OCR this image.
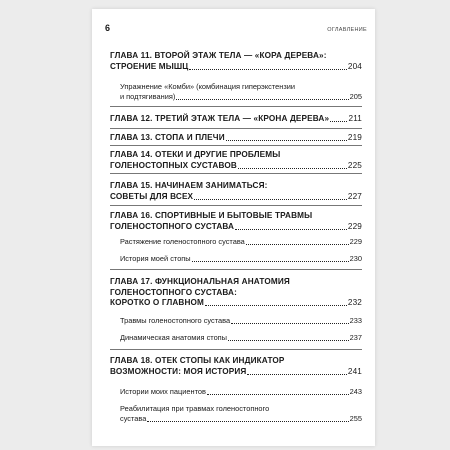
6	ОГЛАВЛЕНИЕ
ГЛАВА 11. ВТОРОЙ ЭТАЖ ТЕЛА — «КОРА ДЕРЕВА»:
СТРОЕНИЕ МЫШЦ	204
Упражнение «Комби» (комбинация гиперэкстензии
и подтягивания)	205
ГЛАВА 12. ТРЕТИЙ ЭТАЖ ТЕЛА — «КРОНА ДЕРЕВА» 211
ГЛАВА 13. СТОПА И ПЛЕЧИ	219
ГЛАВА 14. ОТЕКИ И ДРУГИЕ ПРОБЛЕМЫ
ГОЛЕНОСТОПНЫХ СУСТАВОВ	225
ГЛАВА 15. НАЧИНАЕМ ЗАНИМАТЬСЯ:
СОВЕТЫ ДЛЯ ВСЕХ	227
ГЛАВА 16. СПОРТИВНЫЕ И БЫТОВЫЕ ТРАВМЫ
ГОЛЕНОСТОПНОГО СУСТАВА	229
Растяжение голеностопного сустава	229
История моей стопы	230
ГЛАВА 17. ФУНКЦИОНАЛЬНАЯ АНАТОМИЯ
ГОЛЕНОСТОПНОГО СУСТАВА:
КОРОТКО О ГЛАВНОМ	232
Травмы голеностопного сустава	233
Динамическая анатомия стопы	237
ГЛАВА 18. ОТЕК СТОПЫ КАК ИНДИКАТОР
ВОЗМОЖНОСТИ: МОЯ ИСТОРИЯ	241
Истории моих пациентов	243
Реабилитация при травмах голеностопного
сустава	255
